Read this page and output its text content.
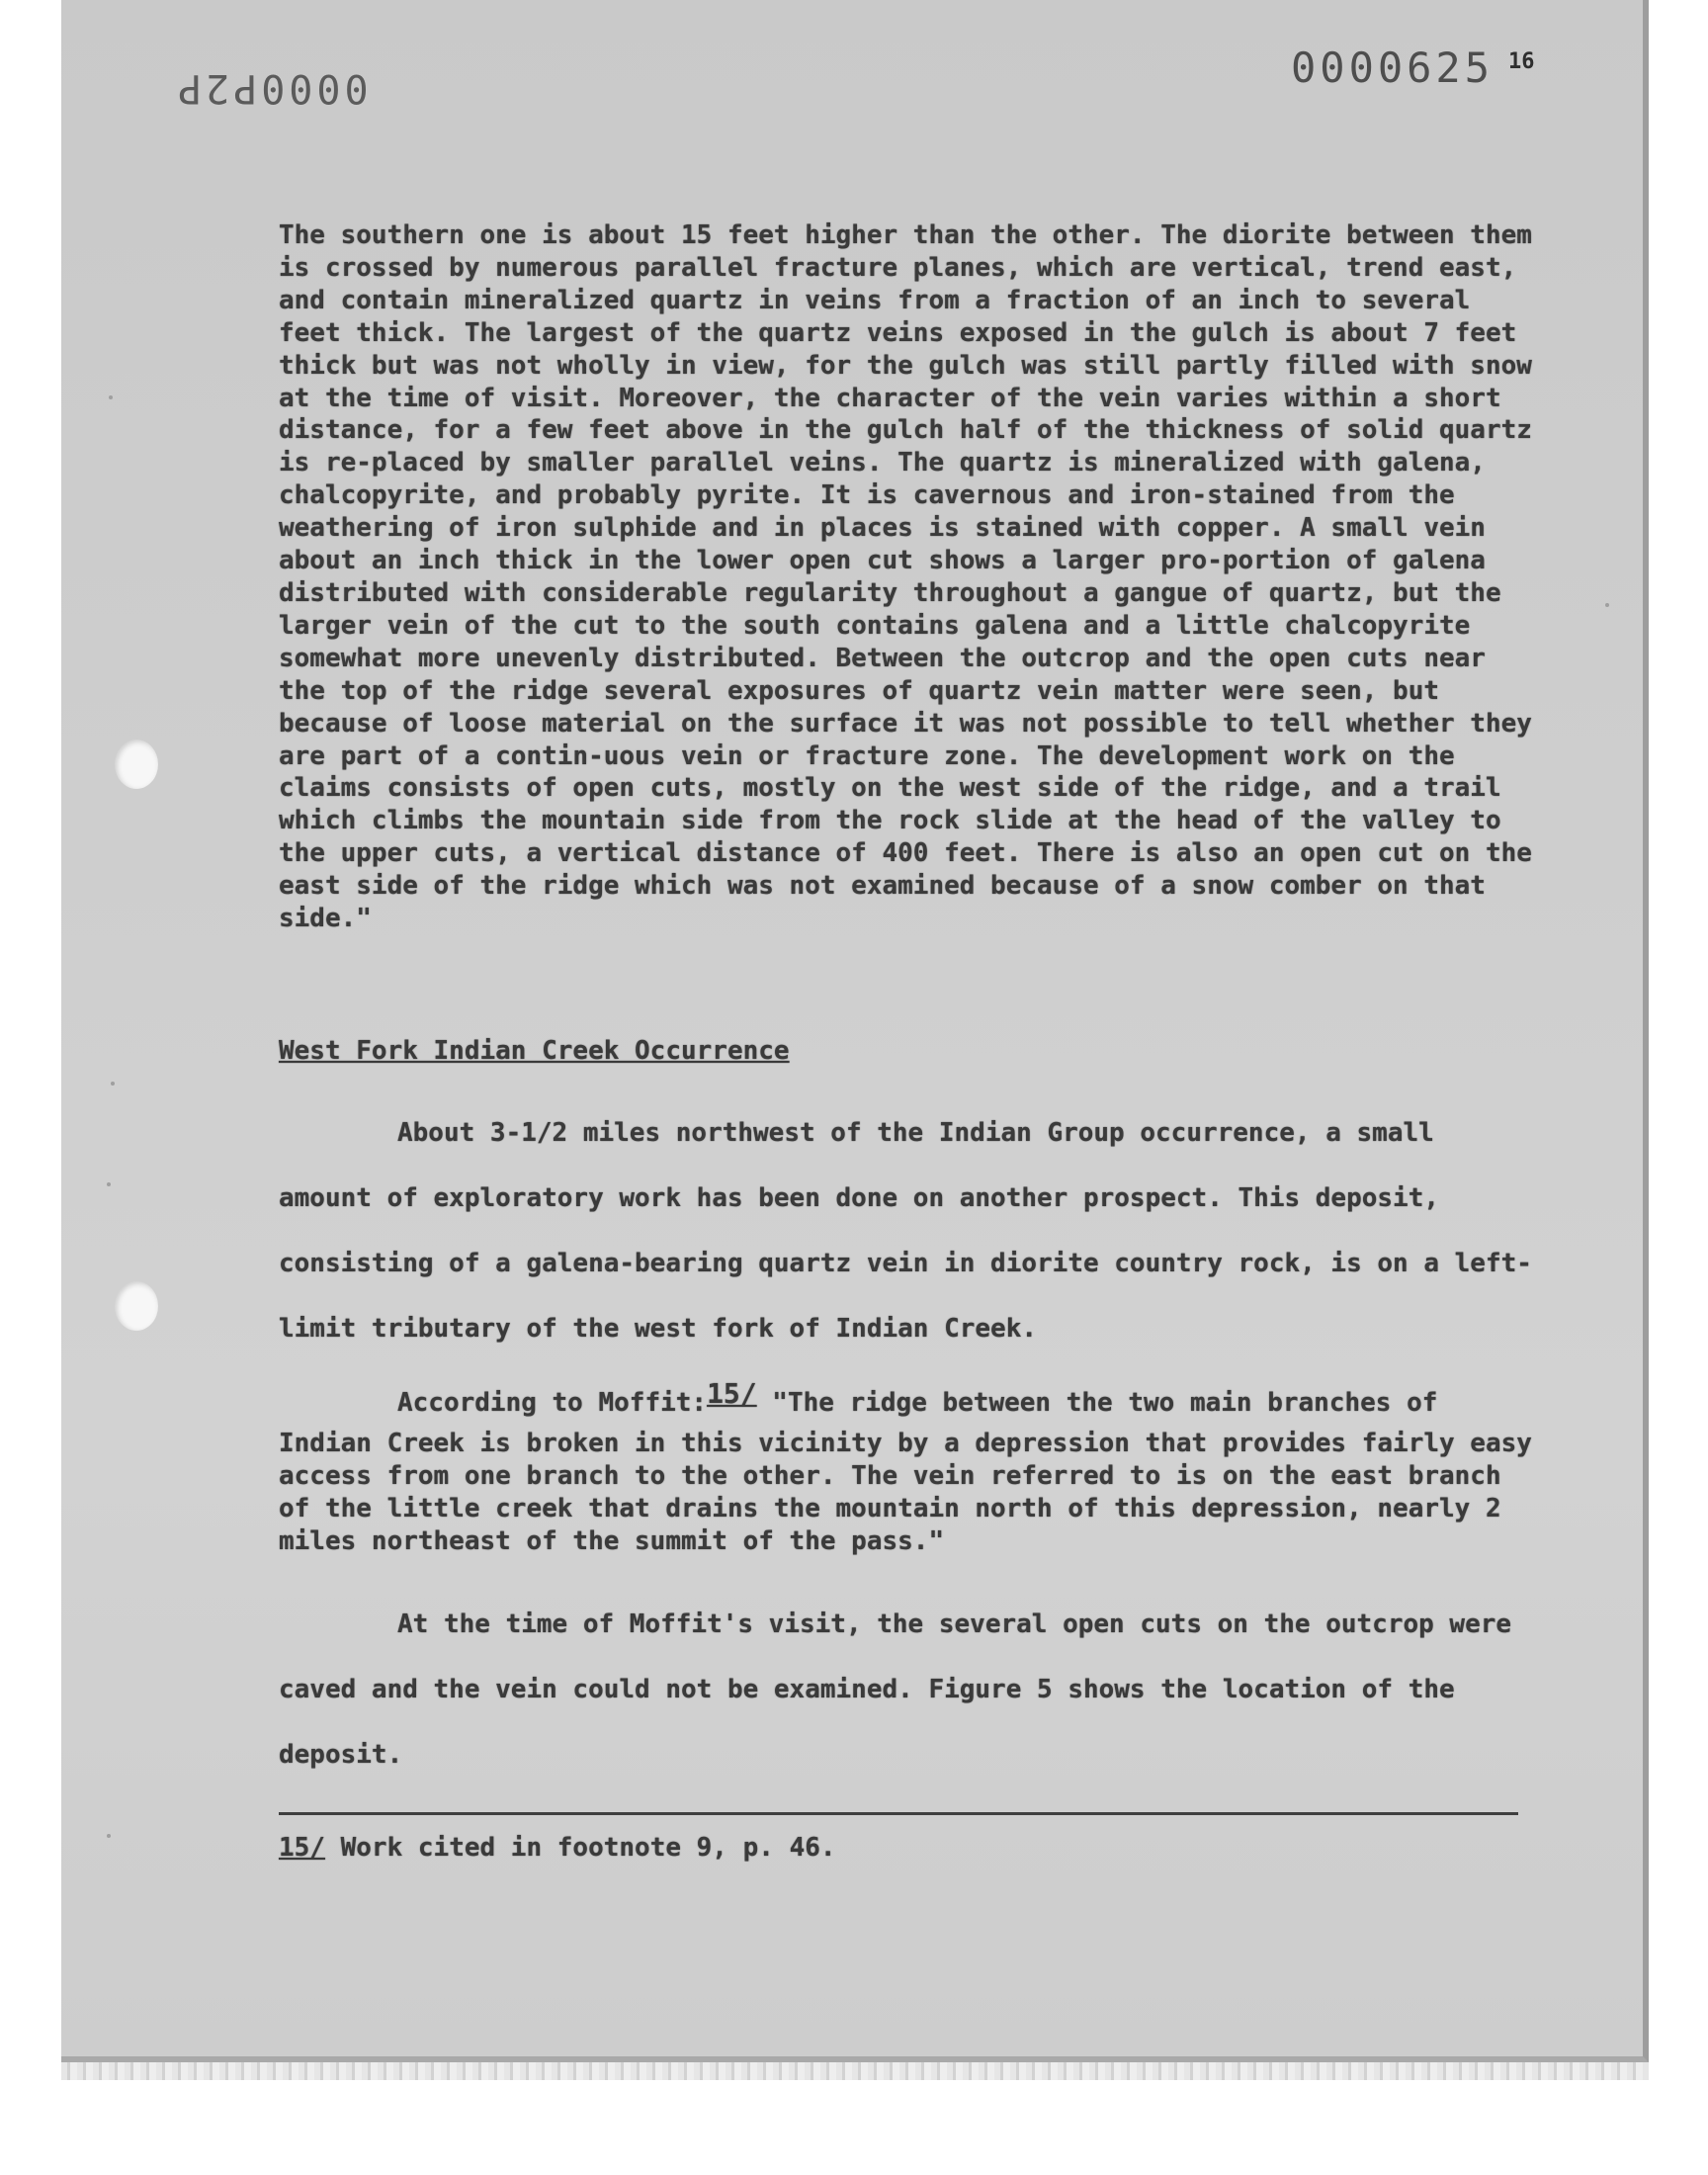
0000P2P	0000625 16

The southern one is about 15 feet higher than the other. The diorite between them is crossed by numerous parallel fracture planes, which are vertical, trend east, and contain mineralized quartz in veins from a fraction of an inch to several feet thick. The largest of the quartz veins exposed in the gulch is about 7 feet thick but was not wholly in view, for the gulch was still partly filled with snow at the time of visit. Moreover, the character of the vein varies within a short distance, for a few feet above in the gulch half of the thickness of solid quartz is re-placed by smaller parallel veins. The quartz is mineralized with galena, chalcopyrite, and probably pyrite. It is cavernous and iron-stained from the weathering of iron sulphide and in places is stained with copper. A small vein about an inch thick in the lower open cut shows a larger pro-portion of galena distributed with considerable regularity throughout a gangue of quartz, but the larger vein of the cut to the south contains galena and a little chalcopyrite somewhat more unevenly distributed. Between the outcrop and the open cuts near the top of the ridge several exposures of quartz vein matter were seen, but because of loose material on the surface it was not possible to tell whether they are part of a contin-uous vein or fracture zone. The development work on the claims consists of open cuts, mostly on the west side of the ridge, and a trail which climbs the mountain side from the rock slide at the head of the valley to the upper cuts, a vertical distance of 400 feet. There is also an open cut on the east side of the ridge which was not examined because of a snow comber on that side."

West Fork Indian Creek Occurrence

About 3-1/2 miles northwest of the Indian Group occurrence, a small amount of exploratory work has been done on another prospect. This deposit, consisting of a galena-bearing quartz vein in diorite country rock, is on a left-limit tributary of the west fork of Indian Creek.

According to Moffit:15/ "The ridge between the two main branches of

Indian Creek is broken in this vicinity by a depression that provides fairly easy access from one branch to the other. The vein referred to is on the east branch of the little creek that drains the mountain north of this depression, nearly 2 miles northeast of the summit of the pass."

At the time of Moffit's visit, the several open cuts on the outcrop were caved and the vein could not be examined. Figure 5 shows the location of the deposit.

15/ Work cited in footnote 9, p. 46.
